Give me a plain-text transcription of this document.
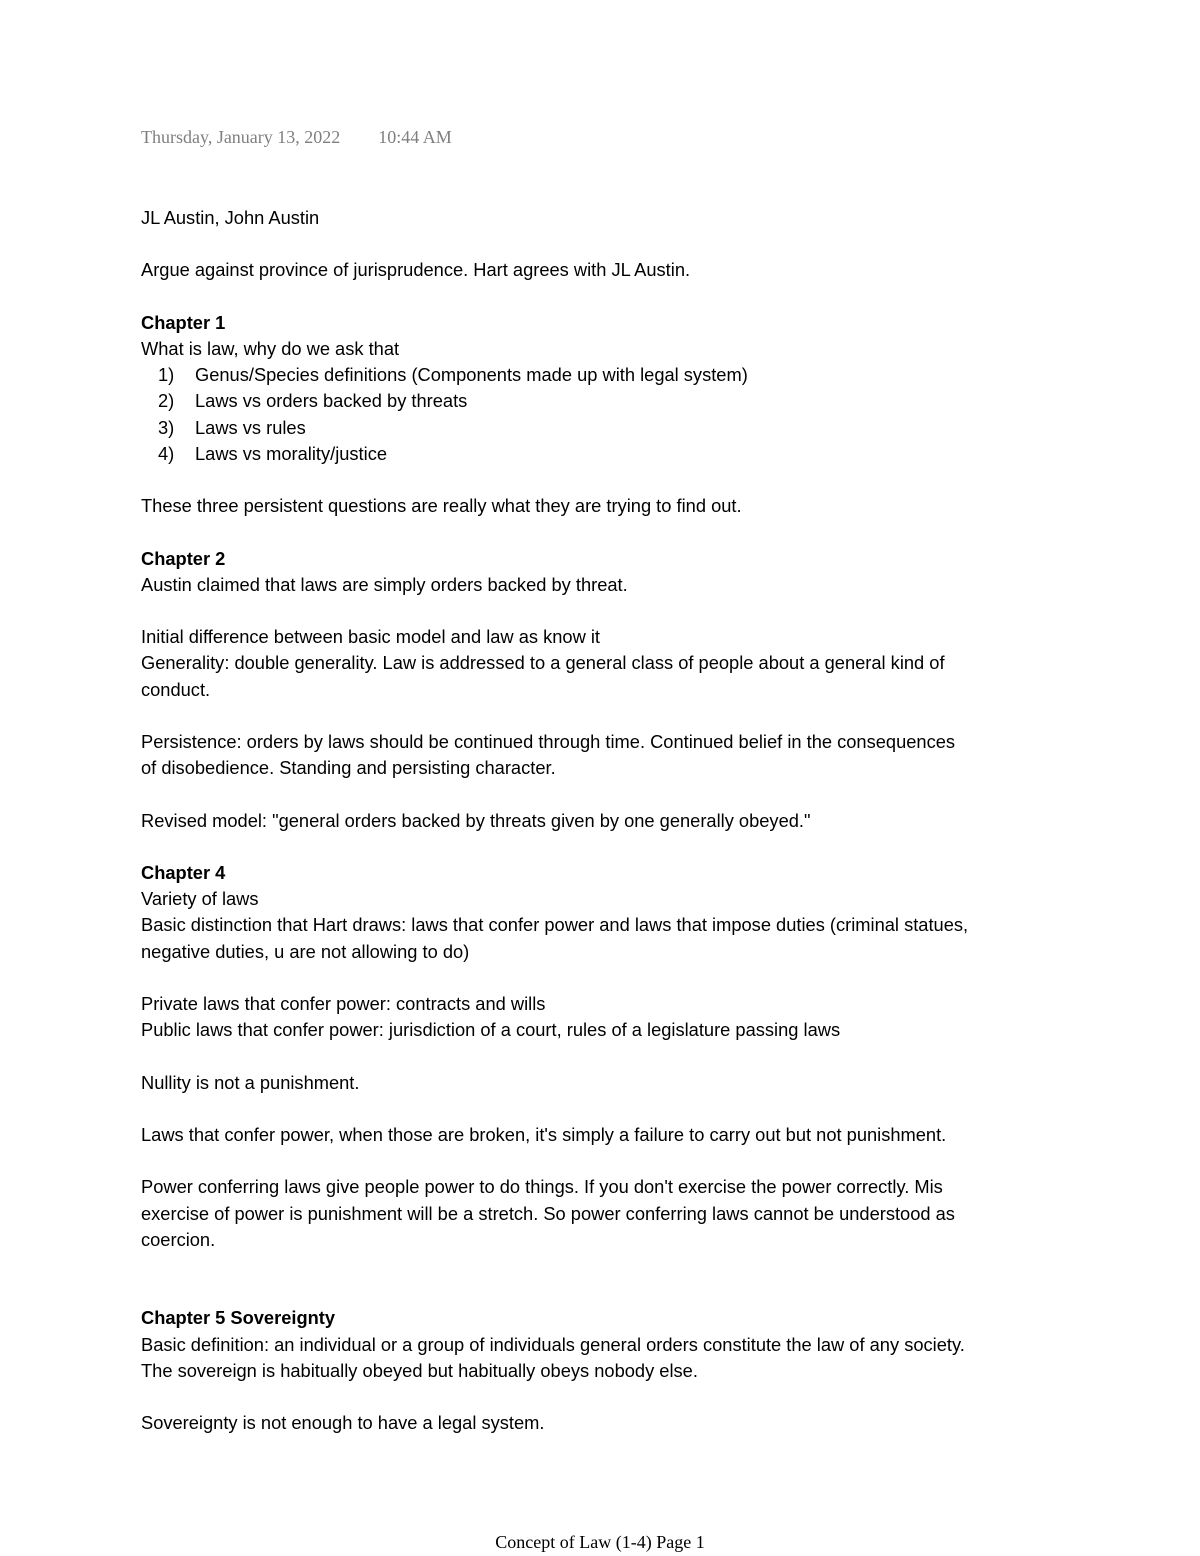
Thursday, January 13, 2022 10:44 AM

JL Austin, John Austin

Argue against province of jurisprudence. Hart agrees with JL Austin.

Chapter 1

What is law, why do we ask that

1) Genus/Species definitions (Components made up with legal system)
2) Laws vs orders backed by threats
3) Laws vs rules
4) Laws vs morality/justice

These three persistent questions are really what they are trying to find out.

Chapter 2

Austin claimed that laws are simply orders backed by threat.

Initial difference between basic model and law as know it

Generality: double generality. Law is addressed to a general class of people about a general kind of conduct.

Persistence: orders by laws should be continued through time. Continued belief in the consequences of disobedience. Standing and persisting character.

Revised model: "general orders backed by threats given by one generally obeyed."

Chapter 4

Variety of laws

Basic distinction that Hart draws: laws that confer power and laws that impose duties (criminal statues, negative duties, u are not allowing to do)

Private laws that confer power: contracts and wills

Public laws that confer power: jurisdiction of a court, rules of a legislature passing laws

Nullity is not a punishment.

Laws that confer power, when those are broken, it's simply a failure to carry out but not punishment.

Power conferring laws give people power to do things. If you don't exercise the power correctly. Mis exercise of power is punishment will be a stretch. So power conferring laws cannot be understood as coercion.

Chapter 5 Sovereignty

Basic definition: an individual or a group of individuals general orders constitute the law of any society. The sovereign is habitually obeyed but habitually obeys nobody else.

Sovereignty is not enough to have a legal system.

Concept of Law (1-4) Page 1
